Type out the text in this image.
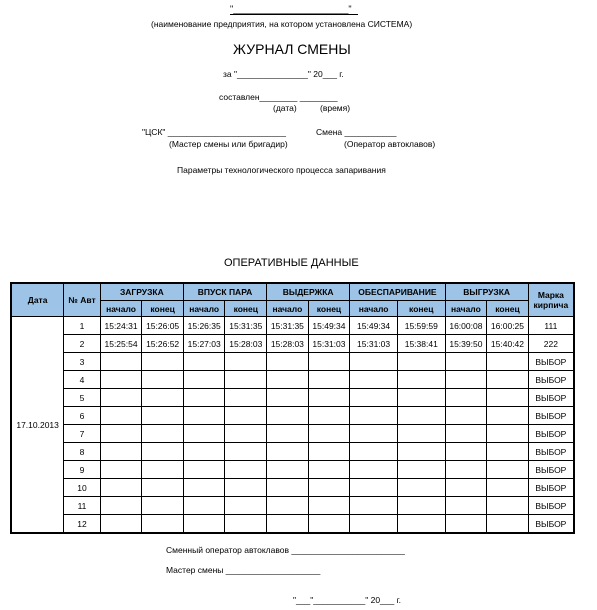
"_______________________"
(наименование предприятия, на котором установлена СИСТЕМА)
ЖУРНАЛ СМЕНЫ
за "_______________" 20___ г.
составлен________ ________
(дата)	(время)
"ЦСК" _________________________	Смена ___________
(Мастер смены или бригадир)	(Оператор автоклавов)
Параметры технологического процесса запаривания
ОПЕРАТИВНЫЕ ДАННЫЕ
Дата	№ Авт	ЗАГРУЗКА		ВПУСК ПАРА		ВЫДЕРЖКА		ОБЕСПАРИВАНИЕ		ВЫГРУЗКА		Марка кирпича
		начало	конец	начало	конец	начало	конец	начало	конец	начало	конец	
17.10.2013	1	15:24:31	15:26:05	15:26:35	15:31:35	15:31:35	15:49:34	15:49:34	15:59:59	16:00:08	16:00:25	111
	2	15:25:54	15:26:52	15:27:03	15:28:03	15:28:03	15:31:03	15:31:03	15:38:41	15:39:50	15:40:42	222
	3											ВЫБОР
	4											ВЫБОР
	5											ВЫБОР
	6											ВЫБОР
	7											ВЫБОР
	8											ВЫБОР
	9											ВЫБОР
	10											ВЫБОР
	11											ВЫБОР
	12											ВЫБОР
Сменный оператор автоклавов ________________________
Мастер смены ____________________
"___"___________" 20___ г.
